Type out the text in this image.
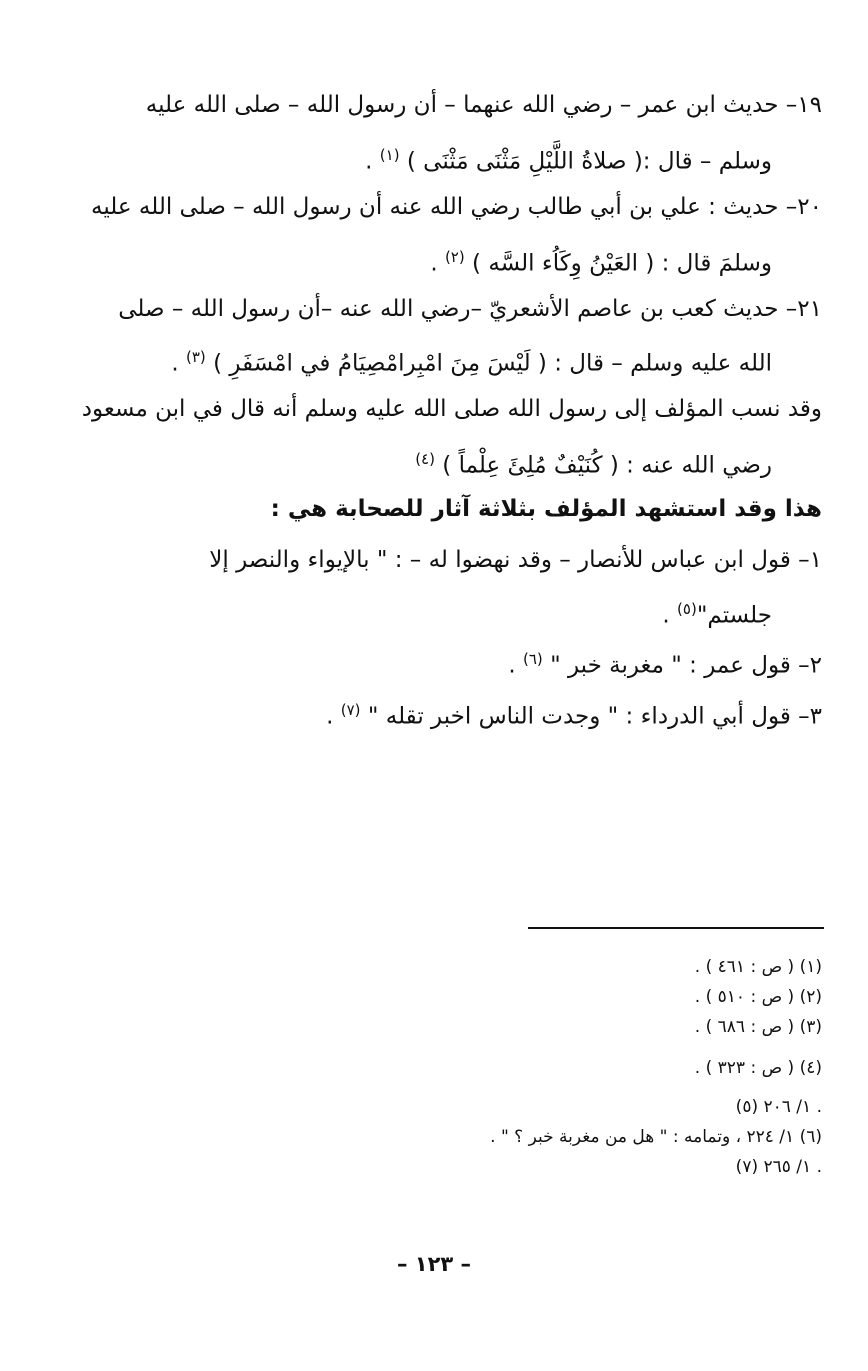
١٩– حديث ابن عمر – رضي الله عنهما – أن رسول الله – صلى الله عليه
وسلم – قال :( صلاةُ اللَّيْلِ مَثْنَى مَثْنَى ) $^{(١)}$ .
٢٠– حديث : علي بن أبي طالب رضي الله عنه أن رسول الله – صلى الله عليه
وسلمَ قال : ( العَيْنُ وِكَاُء السَّه ) $^{(٢)}$ .
٢١– حديث كعب بن عاصم الأشعريّ –رضي الله عنه –أن رسول الله – صلى
الله عليه وسلم – قال : ( لَيْسَ مِنَ امْبِرامْصِيَامُ في امْسَفَرِ ) $^{(٣)}$ .
وقد نسب المؤلف إلى رسول الله صلى الله عليه وسلم أنه قال في ابن مسعود
رضي الله عنه : ( كُنَيْفٌ مُلِئَ عِلْماً ) $^{(٤)}$
هذا وقد استشهد المؤلف بثلاثة آثار للصحابة هي :
١– قول ابن عباس للأنصار – وقد نهضوا له – : " بالإيواء والنصر إلا
جلستم"$^{(٥)}$ .
٢– قول عمر : " مغربة خبر " $^{(٦)}$ .
٣– قول أبي الدرداء : " وجدت الناس اخبر تقله " $^{(٧)}$ .
(١) ( ص : ٤٦١ ) .
(٢) ( ص : ٥١٠ ) .
(٣) ( ص : ٦٨٦ ) .
(٤) ( ص : ٣٢٣ ) .
(٥) ١/ ٢٠٦ .
(٦) ١/ ٢٢٤ ، وتمامه : " هل من مغربة خبر ؟ " .
(٧) ١/ ٢٦٥ .
– ١٢٣ –
